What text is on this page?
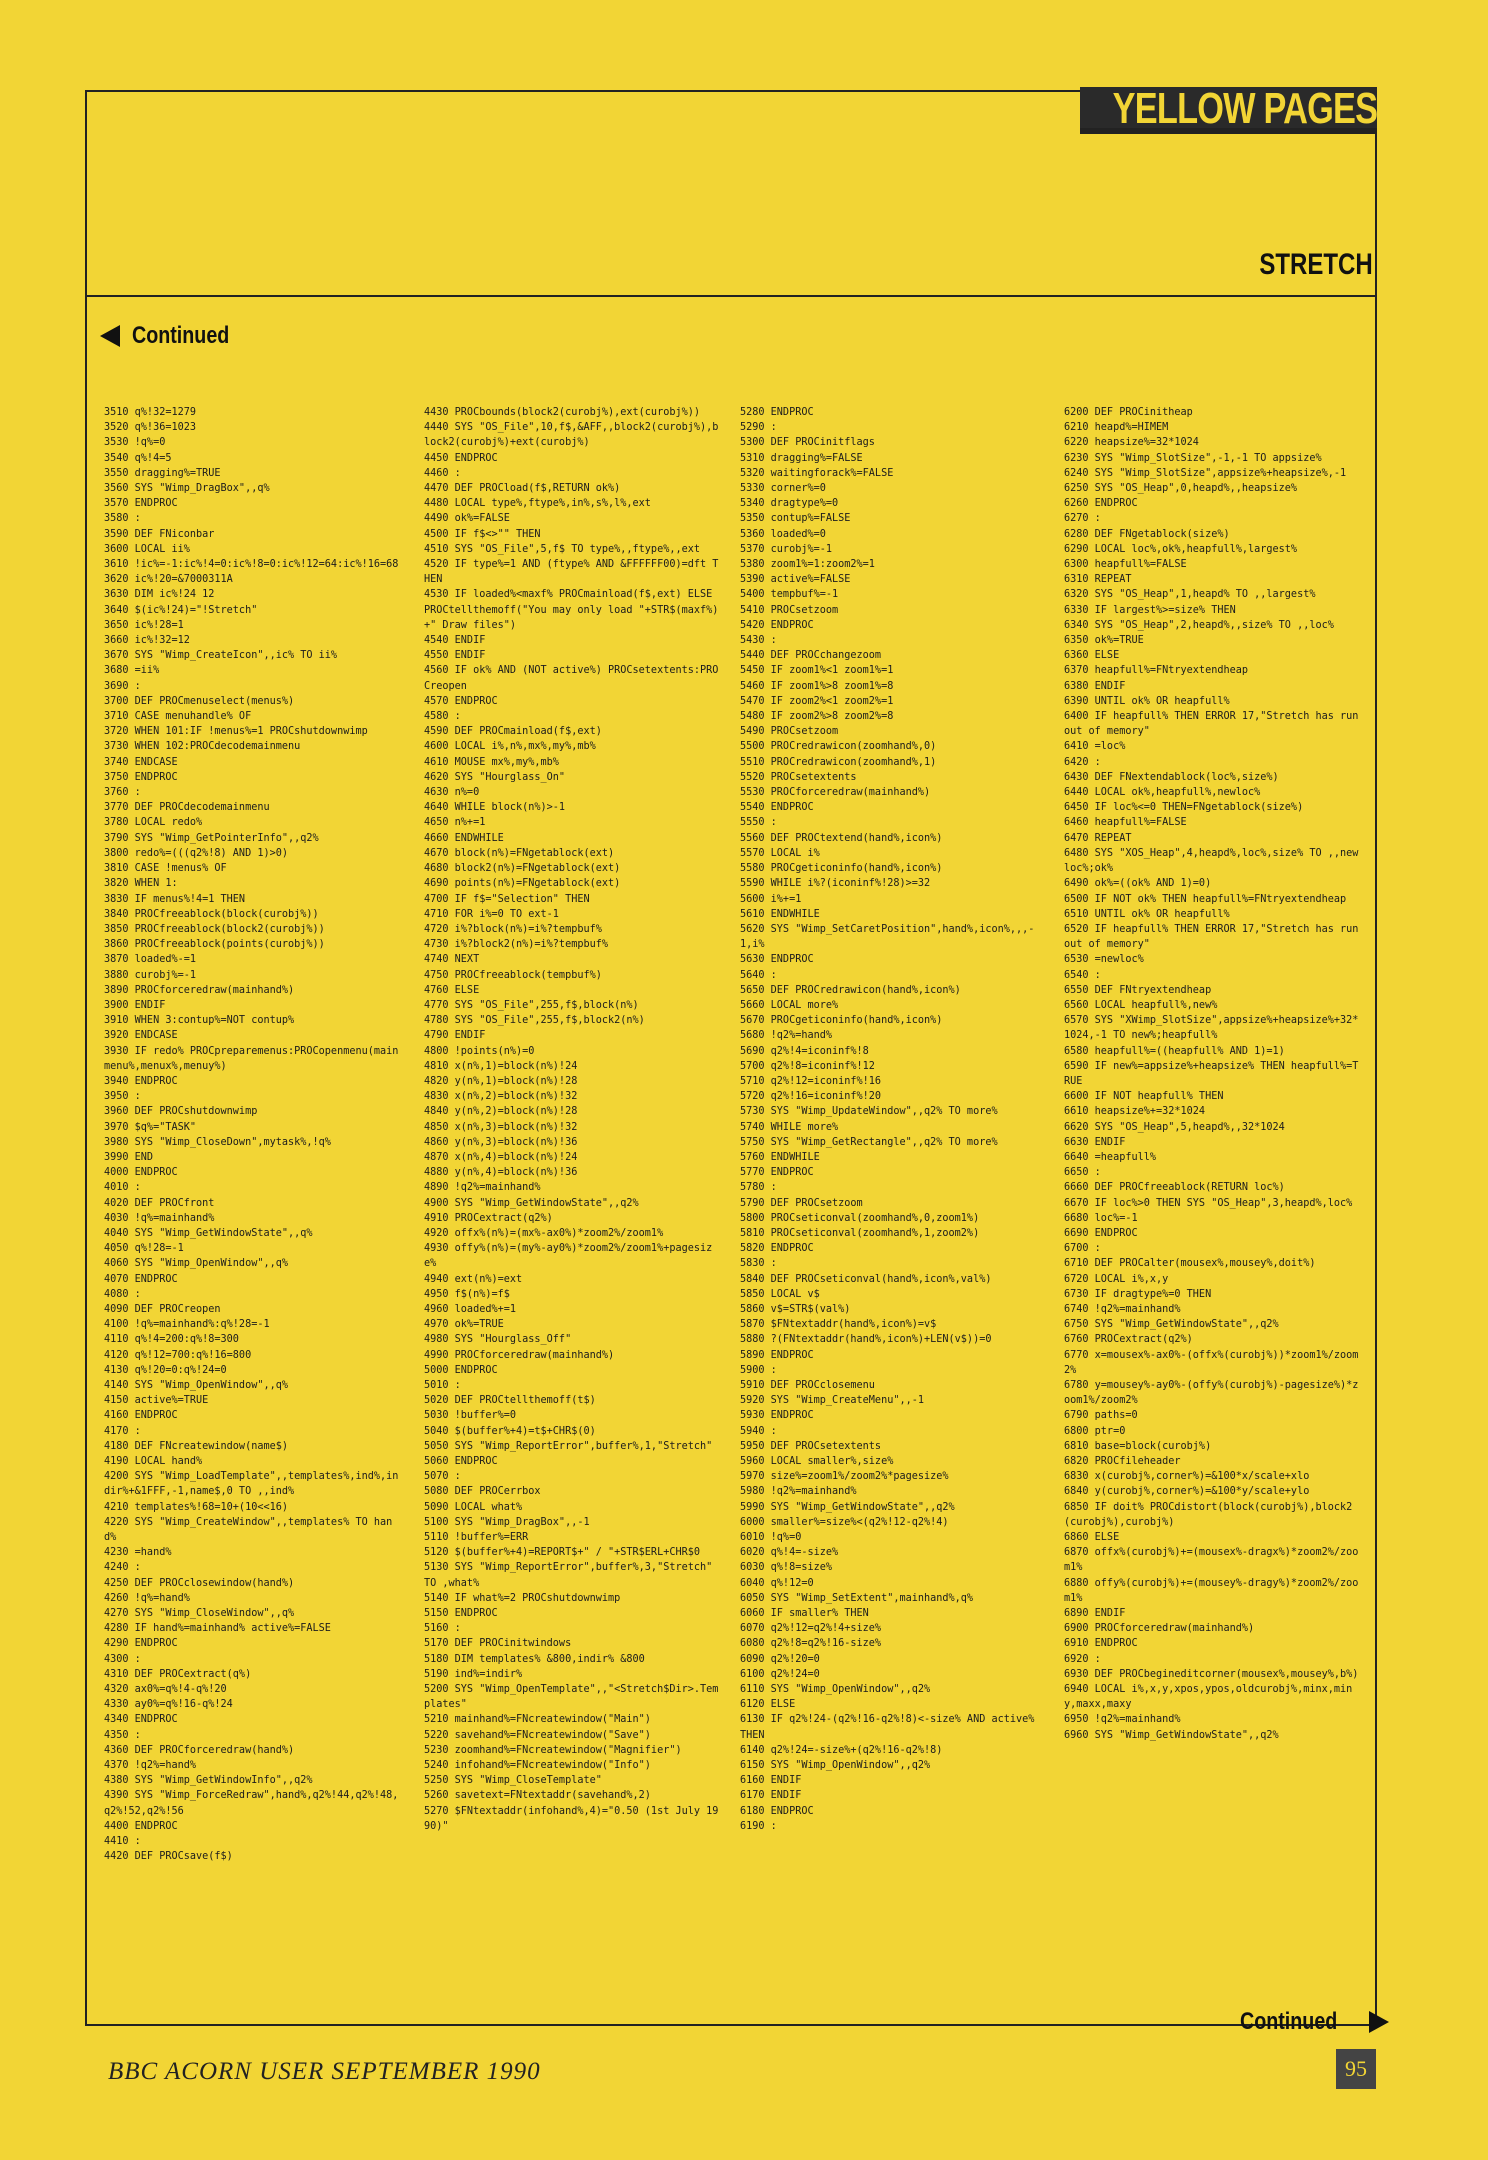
YELLOW PAGES
STRETCH
Continued
3510 q%!32=1279
3520 q%!36=1023
3530 !q%=0
3540 q%!4=5
3550 dragging%=TRUE
3560 SYS "Wimp_DragBox",,q%
3570 ENDPROC
3580 :
3590 DEF FNiconbar
3600 LOCAL ii%
3610 !ic%=-1:ic%!4=0:ic%!8=0:ic%!12=64:ic%!16=68
3620 ic%!20=&7000311A
3630 DIM ic%!24 12
3640 $(ic%!24)="!Stretch"
3650 ic%!28=1
3660 ic%!32=12
3670 SYS "Wimp_CreateIcon",,ic% TO ii%
3680 =ii%
3690 :
3700 DEF PROCmenuselect(menus%)
3710 CASE menuhandle% OF
3720 WHEN 101:IF !menus%=1 PROCshutdownwimp
3730 WHEN 102:PROCdecodemainmenu
3740 ENDCASE
3750 ENDPROC
3760 :
3770 DEF PROCdecodemainmenu
3780 LOCAL redo%
3790 SYS "Wimp_GetPointerInfo",,q2%
3800 redo%=(((q2%!8) AND 1)>0)
3810 CASE !menus% OF
3820 WHEN 1:
3830 IF menus%!4=1 THEN
3840 PROCfreeablock(block(curobj%))
3850 PROCfreeablock(block2(curobj%))
3860 PROCfreeablock(points(curobj%))
3870 loaded%-=1
3880 curobj%=-1
3890 PROCforceredraw(mainhand%)
3900 ENDIF
3910 WHEN 3:contup%=NOT contup%
3920 ENDCASE
3930 IF redo% PROCpreparemenus:PROCopenmenu(mainmenu%,menux%,menuy%)
3940 ENDPROC
3950 :
3960 DEF PROCshutdownwimp
3970 $q%="TASK"
3980 SYS "Wimp_CloseDown",mytask%,!q%
3990 END
4000 ENDPROC
4010 :
4020 DEF PROCfront
4030 !q%=mainhand%
4040 SYS "Wimp_GetWindowState",,q%
4050 q%!28=-1
4060 SYS "Wimp_OpenWindow",,q%
4070 ENDPROC
4080 :
4090 DEF PROCreopen
4100 !q%=mainhand%:q%!28=-1
4110 q%!4=200:q%!8=300
4120 q%!12=700:q%!16=800
4130 q%!20=0:q%!24=0
4140 SYS "Wimp_OpenWindow",,q%
4150 active%=TRUE
4160 ENDPROC
4170 :
4180 DEF FNcreatewindow(name$)
4190 LOCAL hand%
4200 SYS "Wimp_LoadTemplate",,templates%,ind%,indir%+&1FFF,-1,name$,0 TO ,,ind%
4210 templates%!68=10+(10<<16)
4220 SYS "Wimp_CreateWindow",,templates% TO hand%
4230 =hand%
4240 :
4250 DEF PROCclosewindow(hand%)
4260 !q%=hand%
4270 SYS "Wimp_CloseWindow",,q%
4280 IF hand%=mainhand% active%=FALSE
4290 ENDPROC
4300 :
4310 DEF PROCextract(q%)
4320 ax0%=q%!4-q%!20
4330 ay0%=q%!16-q%!24
4340 ENDPROC
4350 :
4360 DEF PROCforceredraw(hand%)
4370 !q2%=hand%
4380 SYS "Wimp_GetWindowInfo",,q2%
4390 SYS "Wimp_ForceRedraw",hand%,q2%!44,q2%!48,q2%!52,q2%!56
4400 ENDPROC
4410 :
4420 DEF PROCsave(f$)
4430 PROCbounds(block2(curobj%),ext(curobj%))
4440 SYS "OS_File",10,f$,&AFF,,block2(curobj%),block2(curobj%)+ext(curobj%)
4450 ENDPROC
4460 :
4470 DEF PROCload(f$,RETURN ok%)
4480 LOCAL type%,ftype%,in%,s%,l%,ext
4490 ok%=FALSE
4500 IF f$<>"" THEN
4510 SYS "OS_File",5,f$ TO type%,,ftype%,,ext
4520 IF type%=1 AND (ftype% AND &FFFFFF00)=dft THEN
4530 IF loaded%<maxf% PROCmainload(f$,ext) ELSE PROCtellthemoff("You may only load "+STR$(maxf%)+" Draw files")
4540 ENDIF
4550 ENDIF
4560 IF ok% AND (NOT active%) PROCsetextents:PROCreopen
4570 ENDPROC
4580 :
4590 DEF PROCmainload(f$,ext)
4600 LOCAL i%,n%,mx%,my%,mb%
4610 MOUSE mx%,my%,mb%
4620 SYS "Hourglass_On"
4630 n%=0
4640 WHILE block(n%)>-1
4650 n%+=1
4660 ENDWHILE
4670 block(n%)=FNgetablock(ext)
4680 block2(n%)=FNgetablock(ext)
4690 points(n%)=FNgetablock(ext)
4700 IF f$="Selection" THEN
4710 FOR i%=0 TO ext-1
4720 i%?block(n%)=i%?tempbuf%
4730 i%?block2(n%)=i%?tempbuf%
4740 NEXT
4750 PROCfreeablock(tempbuf%)
4760 ELSE
4770 SYS "OS_File",255,f$,block(n%)
4780 SYS "OS_File",255,f$,block2(n%)
4790 ENDIF
4800 !points(n%)=0
4810 x(n%,1)=block(n%)!24
4820 y(n%,1)=block(n%)!28
4830 x(n%,2)=block(n%)!32
4840 y(n%,2)=block(n%)!28
4850 x(n%,3)=block(n%)!32
4860 y(n%,3)=block(n%)!36
4870 x(n%,4)=block(n%)!24
4880 y(n%,4)=block(n%)!36
4890 !q2%=mainhand%
4900 SYS "Wimp_GetWindowState",,q2%
4910 PROCextract(q2%)
4920 offx%(n%)=(mx%-ax0%)*zoom2%/zoom1%
4930 offy%(n%)=(my%-ay0%)*zoom2%/zoom1%+pagesize%
4940 ext(n%)=ext
4950 f$(n%)=f$
4960 loaded%+=1
4970 ok%=TRUE
4980 SYS "Hourglass_Off"
4990 PROCforceredraw(mainhand%)
5000 ENDPROC
5010 :
5020 DEF PROCtellthemoff(t$)
5030 !buffer%=0
5040 $(buffer%+4)=t$+CHR$(0)
5050 SYS "Wimp_ReportError",buffer%,1,"Stretch"
5060 ENDPROC
5070 :
5080 DEF PROCerrbox
5090 LOCAL what%
5100 SYS "Wimp_DragBox",,-1
5110 !buffer%=ERR
5120 $(buffer%+4)=REPORT$+" / "+STR$ERL+CHR$0
5130 SYS "Wimp_ReportError",buffer%,3,"Stretch" TO ,what%
5140 IF what%=2 PROCshutdownwimp
5150 ENDPROC
5160 :
5170 DEF PROCinitwindows
5180 DIM templates% &800,indir% &800
5190 ind%=indir%
5200 SYS "Wimp_OpenTemplate",,"<Stretch$Dir>.Templates"
5210 mainhand%=FNcreatewindow("Main")
5220 savehand%=FNcreatewindow("Save")
5230 zoomhand%=FNcreatewindow("Magnifier")
5240 infohand%=FNcreatewindow("Info")
5250 SYS "Wimp_CloseTemplate"
5260 savetext=FNtextaddr(savehand%,2)
5270 $FNtextaddr(infohand%,4)="0.50 (1st July 1990)"
5280 ENDPROC
5290 :
5300 DEF PROCinitflags
5310 dragging%=FALSE
5320 waitingforack%=FALSE
5330 corner%=0
5340 dragtype%=0
5350 contup%=FALSE
5360 loaded%=0
5370 curobj%=-1
5380 zoom1%=1:zoom2%=1
5390 active%=FALSE
5400 tempbuf%=-1
5410 PROCsetzoom
5420 ENDPROC
5430 :
5440 DEF PROCchangezoom
5450 IF zoom1%<1 zoom1%=1
5460 IF zoom1%>8 zoom1%=8
5470 IF zoom2%<1 zoom2%=1
5480 IF zoom2%>8 zoom2%=8
5490 PROCsetzoom
5500 PROCredrawicon(zoomhand%,0)
5510 PROCredrawicon(zoomhand%,1)
5520 PROCsetextents
5530 PROCforceredraw(mainhand%)
5540 ENDPROC
5550 :
5560 DEF PROCtextend(hand%,icon%)
5570 LOCAL i%
5580 PROCgeticoninfo(hand%,icon%)
5590 WHILE i%?(iconinf%!28)>=32
5600 i%+=1
5610 ENDWHILE
5620 SYS "Wimp_SetCaretPosition",hand%,icon%,,,-1,i%
5630 ENDPROC
5640 :
5650 DEF PROCredrawicon(hand%,icon%)
5660 LOCAL more%
5670 PROCgeticoninfo(hand%,icon%)
5680 !q2%=hand%
5690 q2%!4=iconinf%!8
5700 q2%!8=iconinf%!12
5710 q2%!12=iconinf%!16
5720 q2%!16=iconinf%!20
5730 SYS "Wimp_UpdateWindow",,q2% TO more%
5740 WHILE more%
5750 SYS "Wimp_GetRectangle",,q2% TO more%
5760 ENDWHILE
5770 ENDPROC
5780 :
5790 DEF PROCsetzoom
5800 PROCseticonval(zoomhand%,0,zoom1%)
5810 PROCseticonval(zoomhand%,1,zoom2%)
5820 ENDPROC
5830 :
5840 DEF PROCseticonval(hand%,icon%,val%)
5850 LOCAL v$
5860 v$=STR$(val%)
5870 $FNtextaddr(hand%,icon%)=v$
5880 ?(FNtextaddr(hand%,icon%)+LEN(v$))=0
5890 ENDPROC
5900 :
5910 DEF PROCclosemenu
5920 SYS "Wimp_CreateMenu",,-1
5930 ENDPROC
5940 :
5950 DEF PROCsetextents
5960 LOCAL smaller%,size%
5970 size%=zoom1%/zoom2%*pagesize%
5980 !q2%=mainhand%
5990 SYS "Wimp_GetWindowState",,q2%
6000 smaller%=size%<(q2%!12-q2%!4)
6010 !q%=0
6020 q%!4=-size%
6030 q%!8=size%
6040 q%!12=0
6050 SYS "Wimp_SetExtent",mainhand%,q%
6060 IF smaller% THEN
6070 q2%!12=q2%!4+size%
6080 q2%!8=q2%!16-size%
6090 q2%!20=0
6100 q2%!24=0
6110 SYS "Wimp_OpenWindow",,q2%
6120 ELSE
6130 IF q2%!24-(q2%!16-q2%!8)<-size% AND active% THEN
6140 q2%!24=-size%+(q2%!16-q2%!8)
6150 SYS "Wimp_OpenWindow",,q2%
6160 ENDIF
6170 ENDIF
6180 ENDPROC
6190 :
6200 DEF PROCinitheap
6210 heapd%=HIMEM
6220 heapsize%=32*1024
6230 SYS "Wimp_SlotSize",-1,-1 TO appsize%
6240 SYS "Wimp_SlotSize",appsize%+heapsize%,-1
6250 SYS "OS_Heap",0,heapd%,,heapsize%
6260 ENDPROC
6270 :
6280 DEF FNgetablock(size%)
6290 LOCAL loc%,ok%,heapfull%,largest%
6300 heapfull%=FALSE
6310 REPEAT
6320 SYS "OS_Heap",1,heapd% TO ,,largest%
6330 IF largest%>=size% THEN
6340 SYS "OS_Heap",2,heapd%,,size% TO ,,loc%
6350 ok%=TRUE
6360 ELSE
6370 heapfull%=FNtryextendheap
6380 ENDIF
6390 UNTIL ok% OR heapfull%
6400 IF heapfull% THEN ERROR 17,"Stretch has run out of memory"
6410 =loc%
6420 :
6430 DEF FNextendablock(loc%,size%)
6440 LOCAL ok%,heapfull%,newloc%
6450 IF loc%<=0 THEN=FNgetablock(size%)
6460 heapfull%=FALSE
6470 REPEAT
6480 SYS "XOS_Heap",4,heapd%,loc%,size% TO ,,newloc%;ok%
6490 ok%=((ok% AND 1)=0)
6500 IF NOT ok% THEN heapfull%=FNtryextendheap
6510 UNTIL ok% OR heapfull%
6520 IF heapfull% THEN ERROR 17,"Stretch has run out of memory"
6530 =newloc%
6540 :
6550 DEF FNtryextendheap
6560 LOCAL heapfull%,new%
6570 SYS "XWimp_SlotSize",appsize%+heapsize%+32*1024,-1 TO new%;heapfull%
6580 heapfull%=((heapfull% AND 1)=1)
6590 IF new%=appsize%+heapsize% THEN heapfull%=TRUE
6600 IF NOT heapfull% THEN
6610 heapsize%+=32*1024
6620 SYS "OS_Heap",5,heapd%,,32*1024
6630 ENDIF
6640 =heapfull%
6650 :
6660 DEF PROCfreeablock(RETURN loc%)
6670 IF loc%>0 THEN SYS "OS_Heap",3,heapd%,loc%
6680 loc%=-1
6690 ENDPROC
6700 :
6710 DEF PROCalter(mousex%,mousey%,doit%)
6720 LOCAL i%,x,y
6730 IF dragtype%=0 THEN
6740 !q2%=mainhand%
6750 SYS "Wimp_GetWindowState",,q2%
6760 PROCextract(q2%)
6770 x=mousex%-ax0%-(offx%(curobj%))*zoom1%/zoom2%
6780 y=mousey%-ay0%-(offy%(curobj%)-pagesize%)*zoom1%/zoom2%
6790 paths=0
6800 ptr=0
6810 base=block(curobj%)
6820 PROCfileheader
6830 x(curobj%,corner%)=&100*x/scale+xlo
6840 y(curobj%,corner%)=&100*y/scale+ylo
6850 IF doit% PROCdistort(block(curobj%),block2(curobj%),curobj%)
6860 ELSE
6870 offx%(curobj%)+=(mousex%-dragx%)*zoom2%/zoom1%
6880 offy%(curobj%)+=(mousey%-dragy%)*zoom2%/zoom1%
6890 ENDIF
6900 PROCforceredraw(mainhand%)
6910 ENDPROC
6920 :
6930 DEF PROCbegineditcorner(mousex%,mousey%,b%)
6940 LOCAL i%,x,y,xpos,ypos,oldcurobj%,minx,miny,maxx,maxy
6950 !q2%=mainhand%
6960 SYS "Wimp_GetWindowState",,q2%
Continued
BBC ACORN USER SEPTEMBER 1990	95
